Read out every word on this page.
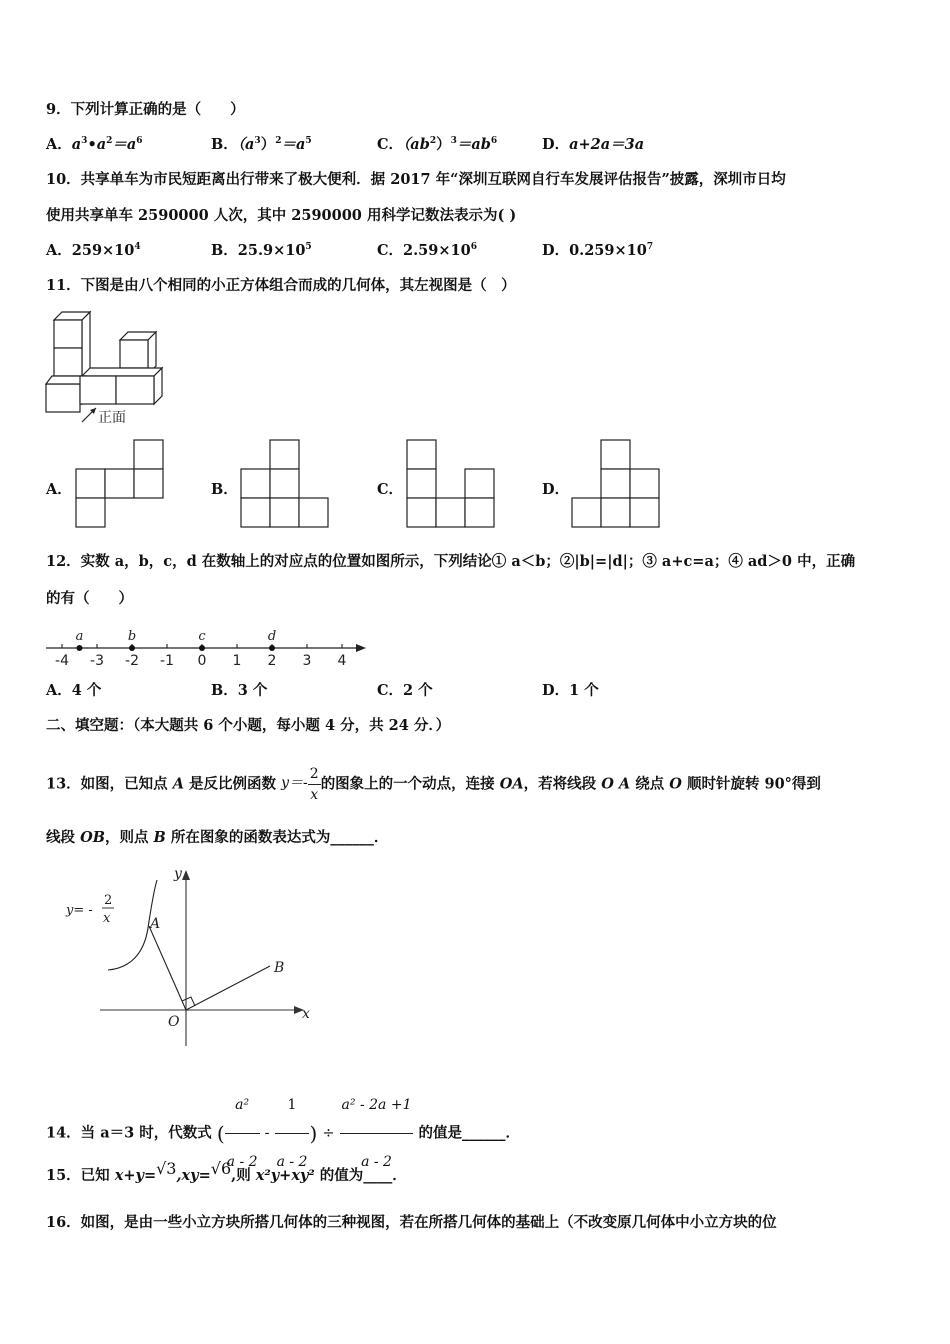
9．下列计算正确的是（　　）
A．$a^3•a^2=a^6$	B．$(a^3)^2=a^5$	C．$(ab^2)^3=ab^6$	D．a+2a＝3a
10．共享单车为市民短距离出行带来了极大便利．据 2017 年“深圳互联网自行车发展评估报告”披露，深圳市日均
使用共享单车 2590000 人次，其中 2590000 用科学记数法表示为( )
A．$259\times 10^4$	B．$25.9\times 10^5$	C．$2.59\times 10^6$	D．$0.259\times 10^7$
11．下图是由八个相同的小正方体组合而成的几何体，其左视图是（　）
正面
A．	B．	C．	D．
12．实数 a，b，c，d 在数轴上的对应点的位置如图所示，下列结论① a＜b；②|b|=|d|；③ a+c=a；④ ad＞0 中，正确
的有（　　）
-4 -3 -2 -1 0 1 2 3 4
a	b	c	d
A．4 个	B．3 个	C．2 个	D．1 个
二、填空题：（本大题共 6 个小题，每小题 4 分，共 24 分．）
13．如图，已知点 A 是反比例函数 $y=- \frac{2}{x}$ 的图象上的一个动点，连接 OA，若将线段 O A 绕点 O 顺时针旋转 90°得到
线段 OB，则点 B 所在图象的函数表达式为______．
y
x
O
A
B
y= -
2
x
14．当 a＝3 时，代数式 ( $\frac{\text{a²}}{a - 2} - \frac{1}{a - 2}$ ) ÷ $\frac{\text{a² - 2a +1}}{a - 2}$ 的值是______．
15．已知 x+y=√3,xy=√6,则 x²y+xy² 的值为____．
16．如图，是由一些小立方块所搭几何体的三种视图，若在所搭几何体的基础上（不改变原几何体中小立方块的位
